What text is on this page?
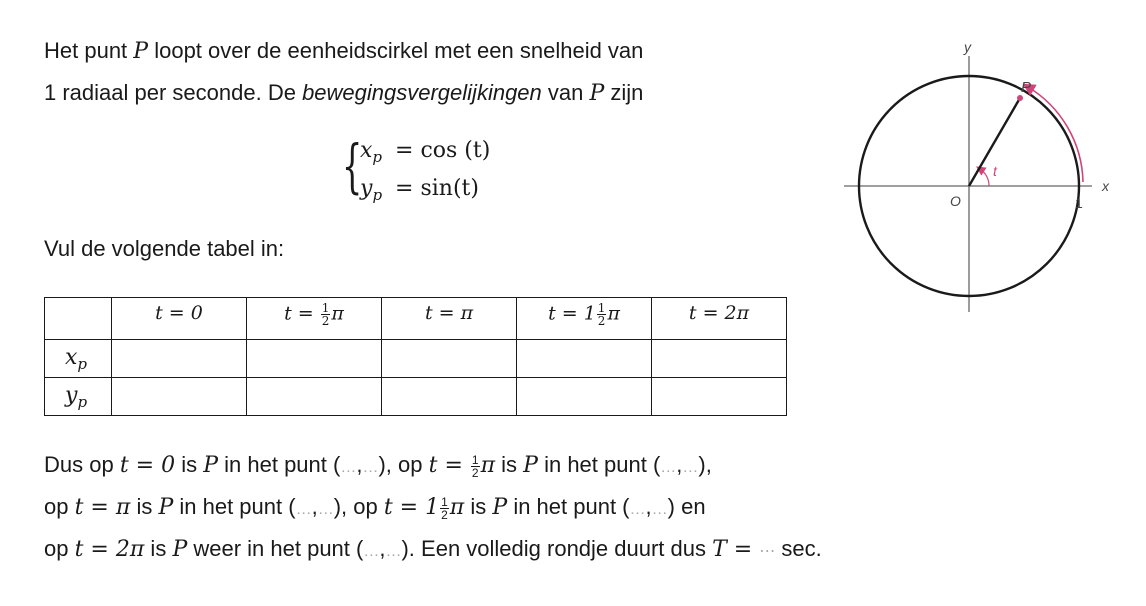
Het punt P loopt over de eenheidscirkel met een snelheid van
1 radiaal per seconde. De bewegingsvergelijkingen van P zijn
{
$x_p = \cos (t)$
$y_p = \sin(t)$
Vul de volgende tabel in:
	t = 0	$t = \frac{1}{2}$ π	t = π	$t = 1 \frac{1}{2}$ π	t = 2π
$x_p$					
$y_p$					
Dus op t = 0 is P in het punt (…,…), op $t = \frac{1}{2}$ π is P in het punt (…,…),
op t = π is P in het punt (…,…), op $t = 1 \frac{1}{2}$ π is P in het punt (…,…) en
op t = 2π is P weer in het punt (…,…). Een volledig rondje duurt dus T = ⋯ sec.
y
x
O	1
P
t
